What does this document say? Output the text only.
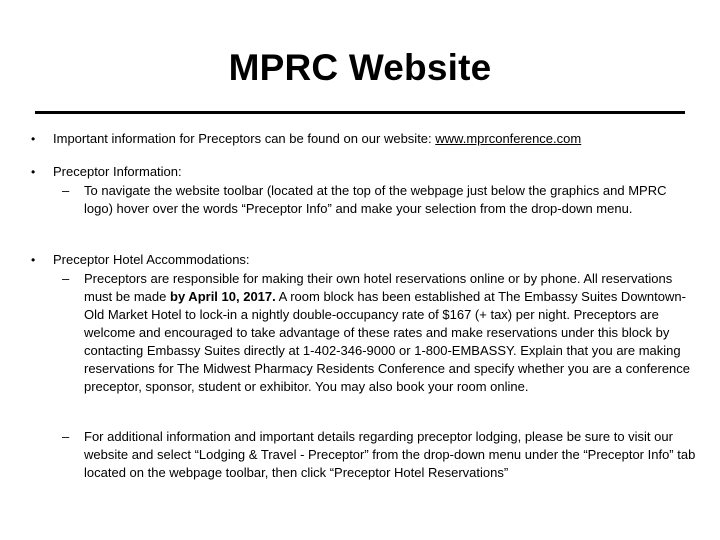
MPRC Website
• Important information for Preceptors can be found on our website: www.mprconference.com
• Preceptor Information:
– To navigate the website toolbar (located at the top of the webpage just below the graphics and MPRC logo) hover over the words “Preceptor Info” and make your selection from the drop-down menu.
• Preceptor Hotel Accommodations:
– Preceptors are responsible for making their own hotel reservations online or by phone. All reservations must be made by April 10, 2017. A room block has been established at The Embassy Suites Downtown-Old Market Hotel to lock-in a nightly double-occupancy rate of $167 (+ tax) per night. Preceptors are welcome and encouraged to take advantage of these rates and make reservations under this block by contacting Embassy Suites directly at 1-402-346-9000 or 1-800-EMBASSY. Explain that you are making reservations for The Midwest Pharmacy Residents Conference and specify whether you are a conference preceptor, sponsor, student or exhibitor. You may also book your room online.
– For additional information and important details regarding preceptor lodging, please be sure to visit our website and select “Lodging & Travel - Preceptor” from the drop-down menu under the “Preceptor Info” tab located on the webpage toolbar, then click “Preceptor Hotel Reservations”
